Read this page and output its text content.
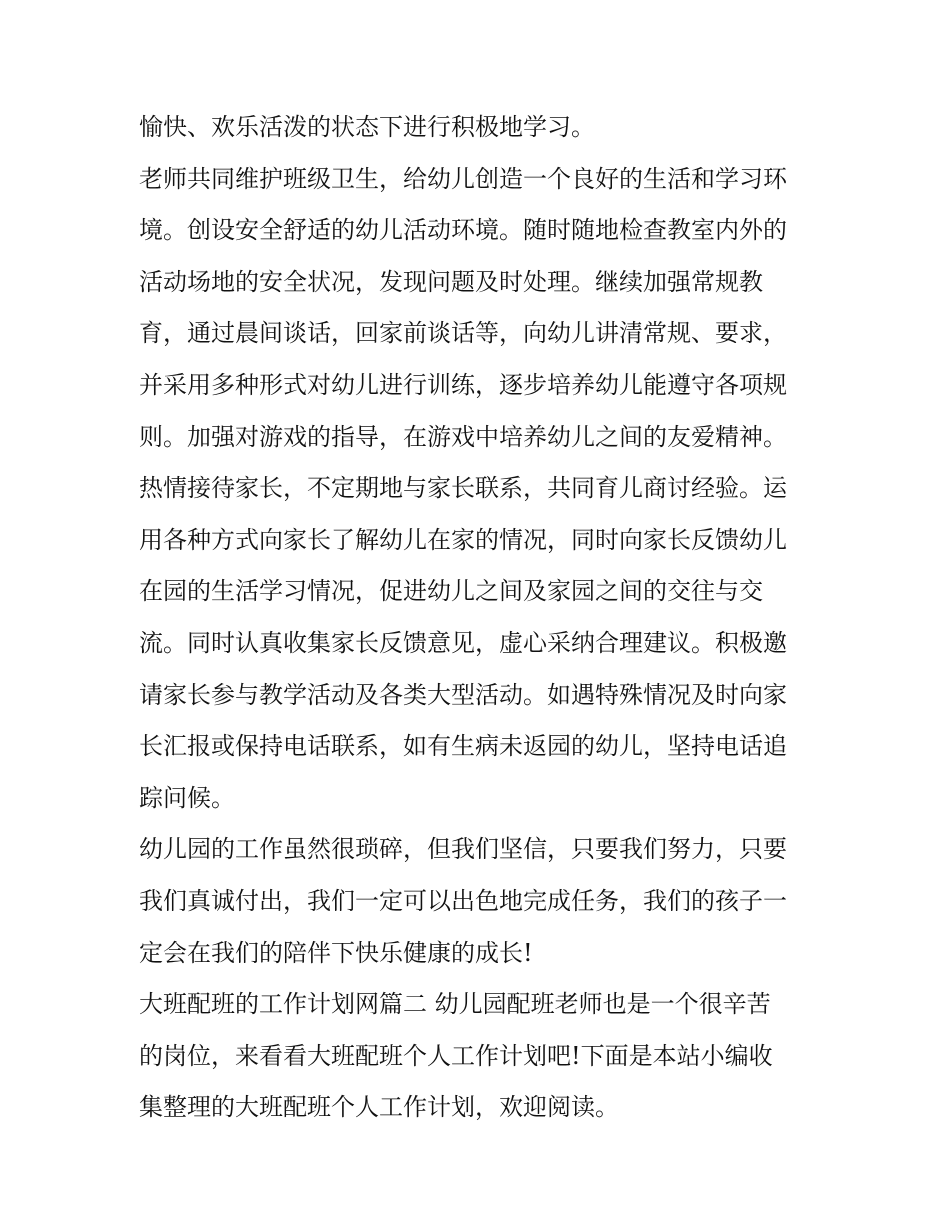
愉快、欢乐活泼的状态下进行积极地学习。
老师共同维护班级卫生，给幼儿创造一个良好的生活和学习环
境。创设安全舒适的幼儿活动环境。随时随地检查教室内外的
活动场地的安全状况，发现问题及时处理。继续加强常规教
育，通过晨间谈话，回家前谈话等，向幼儿讲清常规、要求，
并采用多种形式对幼儿进行训练，逐步培养幼儿能遵守各项规
则。加强对游戏的指导，在游戏中培养幼儿之间的友爱精神。
热情接待家长，不定期地与家长联系，共同育儿商讨经验。运
用各种方式向家长了解幼儿在家的情况，同时向家长反馈幼儿
在园的生活学习情况，促进幼儿之间及家园之间的交往与交
流。同时认真收集家长反馈意见，虚心采纳合理建议。积极邀
请家长参与教学活动及各类大型活动。如遇特殊情况及时向家
长汇报或保持电话联系，如有生病未返园的幼儿，坚持电话追
踪问候。
幼儿园的工作虽然很琐碎，但我们坚信，只要我们努力，只要
我们真诚付出，我们一定可以出色地完成任务，我们的孩子一
定会在我们的陪伴下快乐健康的成长!
大班配班的工作计划网篇二 幼儿园配班老师也是一个很辛苦
的岗位，来看看大班配班个人工作计划吧!下面是本站小编收
集整理的大班配班个人工作计划，欢迎阅读。
